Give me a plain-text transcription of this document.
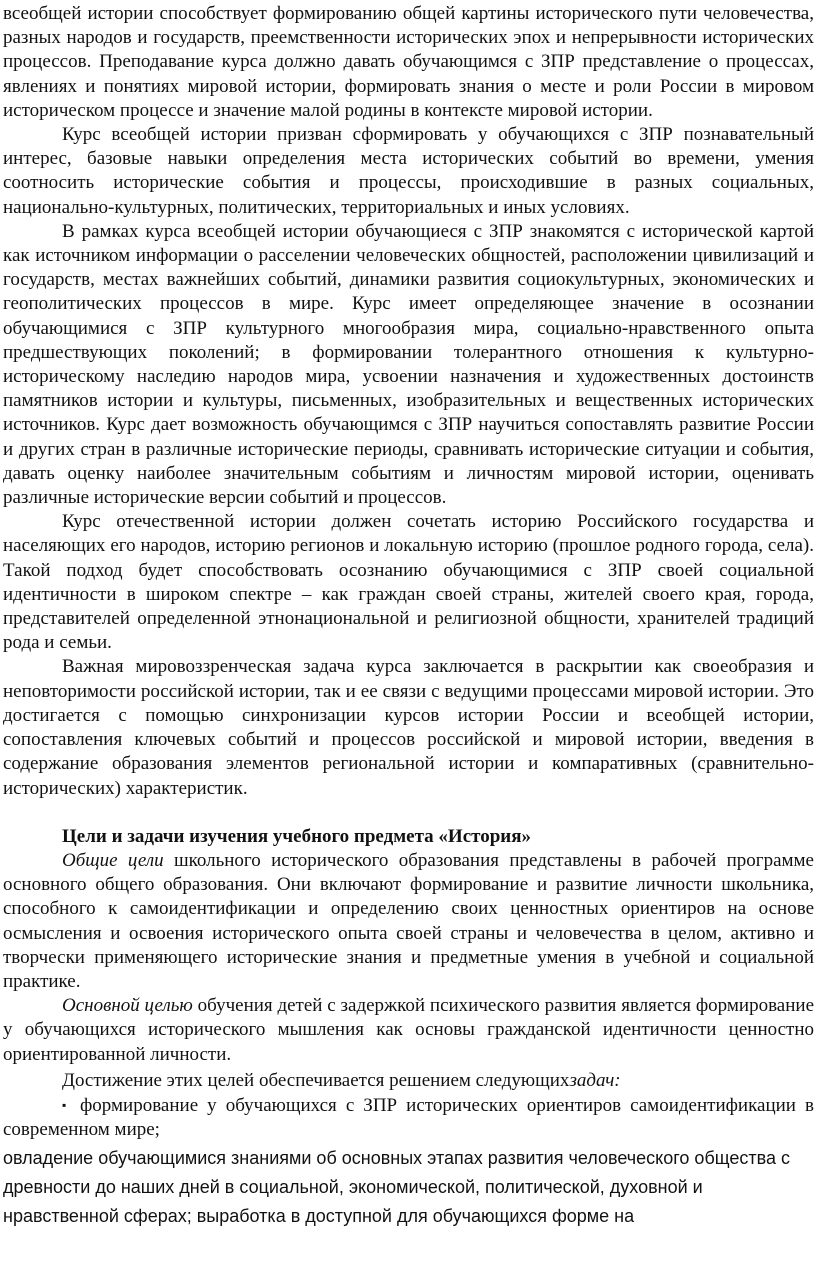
всеобщей истории способствует формированию общей картины исторического пути человечества, разных народов и государств, преемственности исторических эпох и непрерывности исторических процессов. Преподавание курса должно давать обучающимся с ЗПР представление о процессах, явлениях и понятиях мировой истории, формировать знания о месте и роли России в мировом историческом процессе и значение малой родины в контексте мировой истории.

Курс всеобщей истории призван сформировать у обучающихся с ЗПР познавательный интерес, базовые навыки определения места исторических событий во времени, умения соотносить исторические события и процессы, происходившие в разных социальных, национально-культурных, политических, территориальных и иных условиях.

В рамках курса всеобщей истории обучающиеся с ЗПР знакомятся с исторической картой как источником информации о расселении человеческих общностей, расположении цивилизаций и государств, местах важнейших событий, динамики развития социокультурных, экономических и геополитических процессов в мире. Курс имеет определяющее значение в осознании обучающимися с ЗПР культурного многообразия мира, социально-нравственного опыта предшествующих поколений; в формировании толерантного отношения к культурно-историческому наследию народов мира, усвоении назначения и художественных достоинств памятников истории и культуры, письменных, изобразительных и вещественных исторических источников. Курс дает возможность обучающимся с ЗПР научиться сопоставлять развитие России и других стран в различные исторические периоды, сравнивать исторические ситуации и события, давать оценку наиболее значительным событиям и личностям мировой истории, оценивать различные исторические версии событий и процессов.

Курс отечественной истории должен сочетать историю Российского государства и населяющих его народов, историю регионов и локальную историю (прошлое родного города, села). Такой подход будет способствовать осознанию обучающимися с ЗПР своей социальной идентичности в широком спектре – как граждан своей страны, жителей своего края, города, представителей определенной этнонациональной и религиозной общности, хранителей традиций рода и семьи.

Важная мировоззренческая задача курса заключается в раскрытии как своеобразия и неповторимости российской истории, так и ее связи с ведущими процессами мировой истории. Это достигается с помощью синхронизации курсов истории России и всеобщей истории, сопоставления ключевых событий и процессов российской и мировой истории, введения в содержание образования элементов региональной истории и компаративных (сравнительно-исторических) характеристик.

Цели и задачи изучения учебного предмета «История»

Общие цели школьного исторического образования представлены в рабочей программе основного общего образования. Они включают формирование и развитие личности школьника, способного к самоидентификации и определению своих ценностных ориентиров на основе осмысления и освоения исторического опыта своей страны и человечества в целом, активно и творчески применяющего исторические знания и предметные умения в учебной и социальной практике.

Основной целью обучения детей с задержкой психического развития является формирование у обучающихся исторического мышления как основы гражданской идентичности ценностно ориентированной личности.

Достижение этих целей обеспечивается решением следующихзадач:

▪ формирование у обучающихся с ЗПР исторических ориентиров самоидентификации в современном мире;

овладение обучающимися знаниями об основных этапах развития человеческого общества с древности до наших дней в социальной, экономической, политической, духовной и нравственной сферах; выработка в доступной для обучающихся форме на
